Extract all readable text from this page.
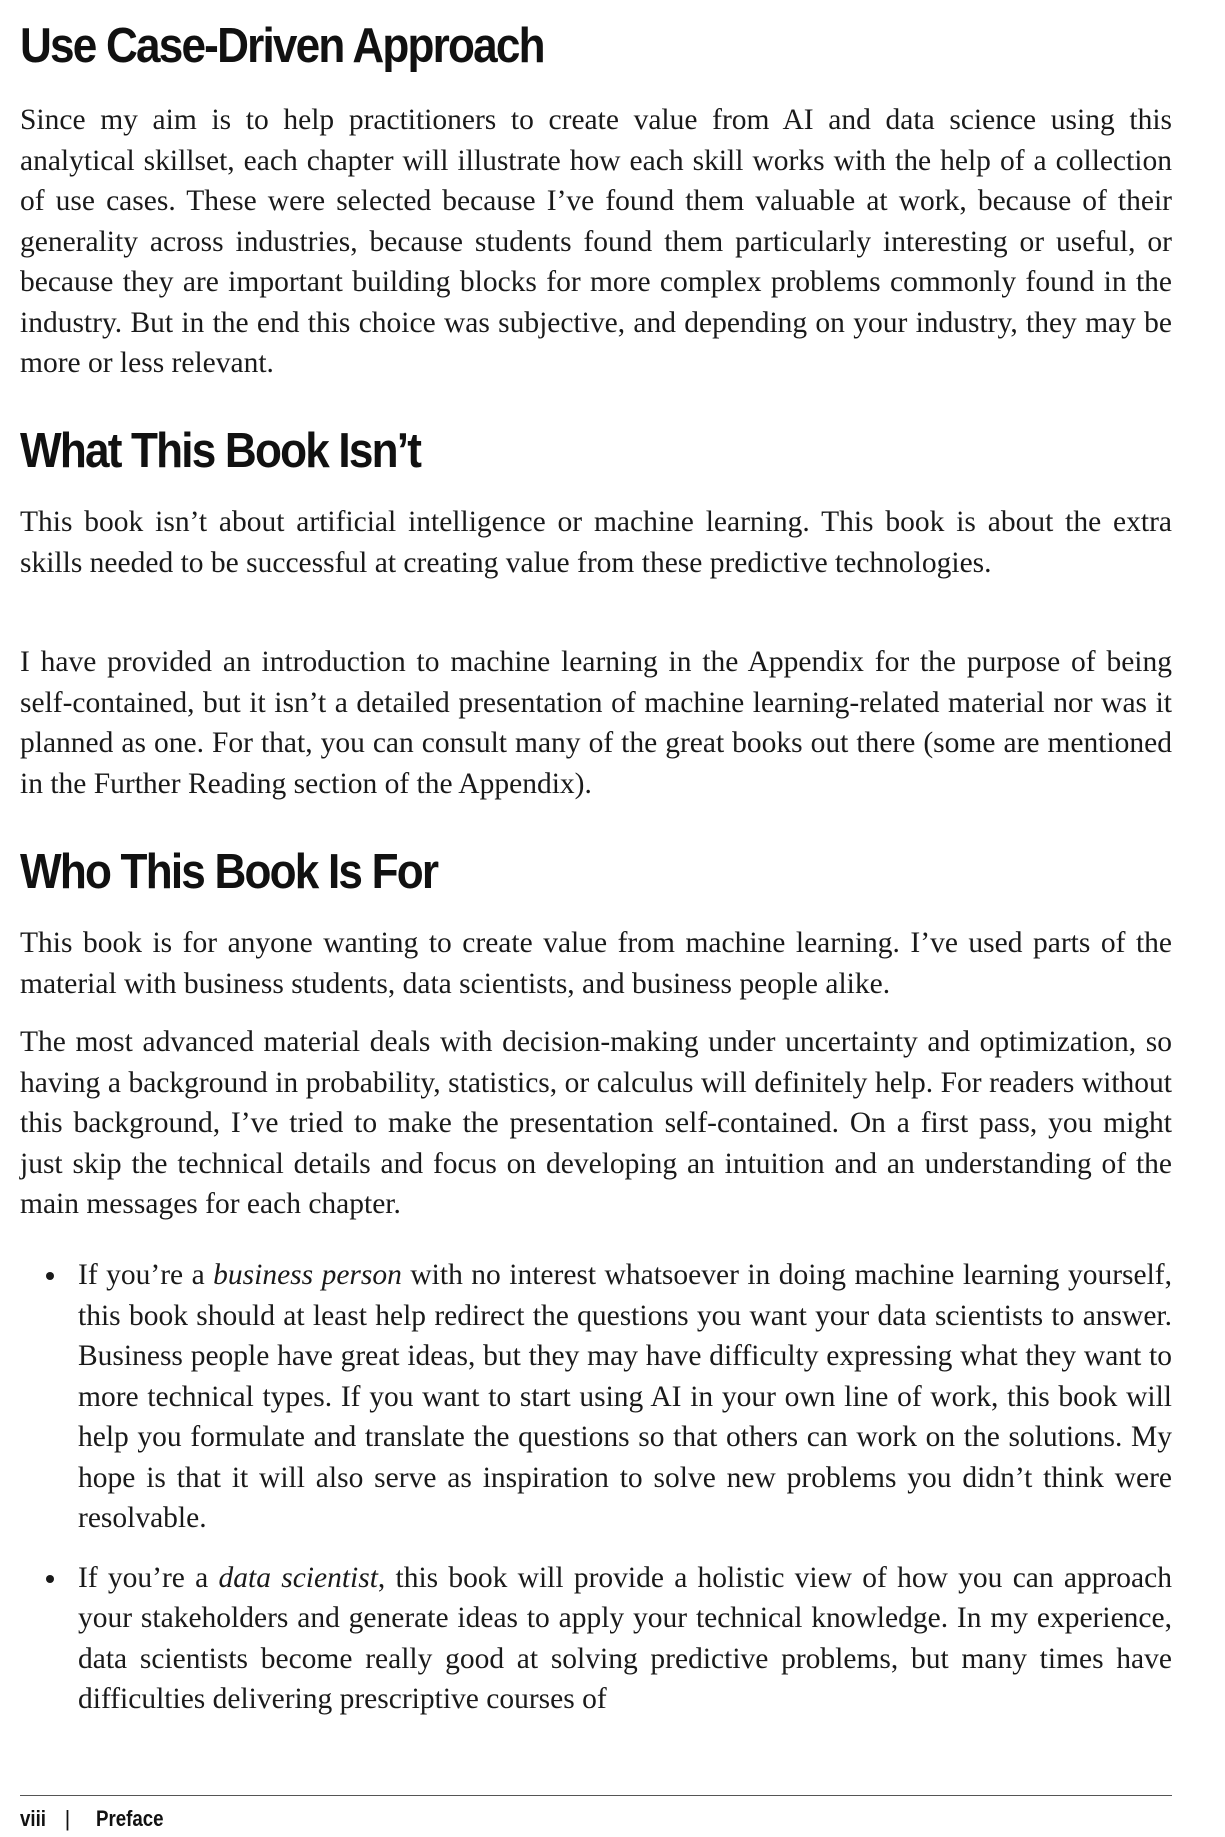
Use Case-Driven Approach

Since my aim is to help practitioners to create value from AI and data science using this analytical skillset, each chapter will illustrate how each skill works with the help of a collection of use cases. These were selected because I’ve found them valuable at work, because of their generality across industries, because students found them particularly interesting or useful, or because they are important building blocks for more complex problems commonly found in the industry. But in the end this choice was subjective, and depending on your industry, they may be more or less relevant.

What This Book Isn’t

This book isn’t about artificial intelligence or machine learning. This book is about the extra skills needed to be successful at creating value from these predictive technologies.

I have provided an introduction to machine learning in the Appendix for the purpose of being self-contained, but it isn’t a detailed presentation of machine learning-related material nor was it planned as one. For that, you can consult many of the great books out there (some are mentioned in the Further Reading section of the Appendix).

Who This Book Is For

This book is for anyone wanting to create value from machine learning. I’ve used parts of the material with business students, data scientists, and business people alike.

The most advanced material deals with decision-making under uncertainty and optimization, so having a background in probability, statistics, or calculus will definitely help. For readers without this background, I’ve tried to make the presentation self-contained. On a first pass, you might just skip the technical details and focus on developing an intuition and an understanding of the main messages for each chapter.

If you’re a business person with no interest whatsoever in doing machine learning yourself, this book should at least help redirect the questions you want your data scientists to answer. Business people have great ideas, but they may have difficulty expressing what they want to more technical types. If you want to start using AI in your own line of work, this book will help you formulate and translate the questions so that others can work on the solutions. My hope is that it will also serve as inspiration to solve new problems you didn’t think were resolvable.

If you’re a data scientist, this book will provide a holistic view of how you can approach your stakeholders and generate ideas to apply your technical knowledge. In my experience, data scientists become really good at solving predictive problems, but many times have difficulties delivering prescriptive courses of

viii | Preface
